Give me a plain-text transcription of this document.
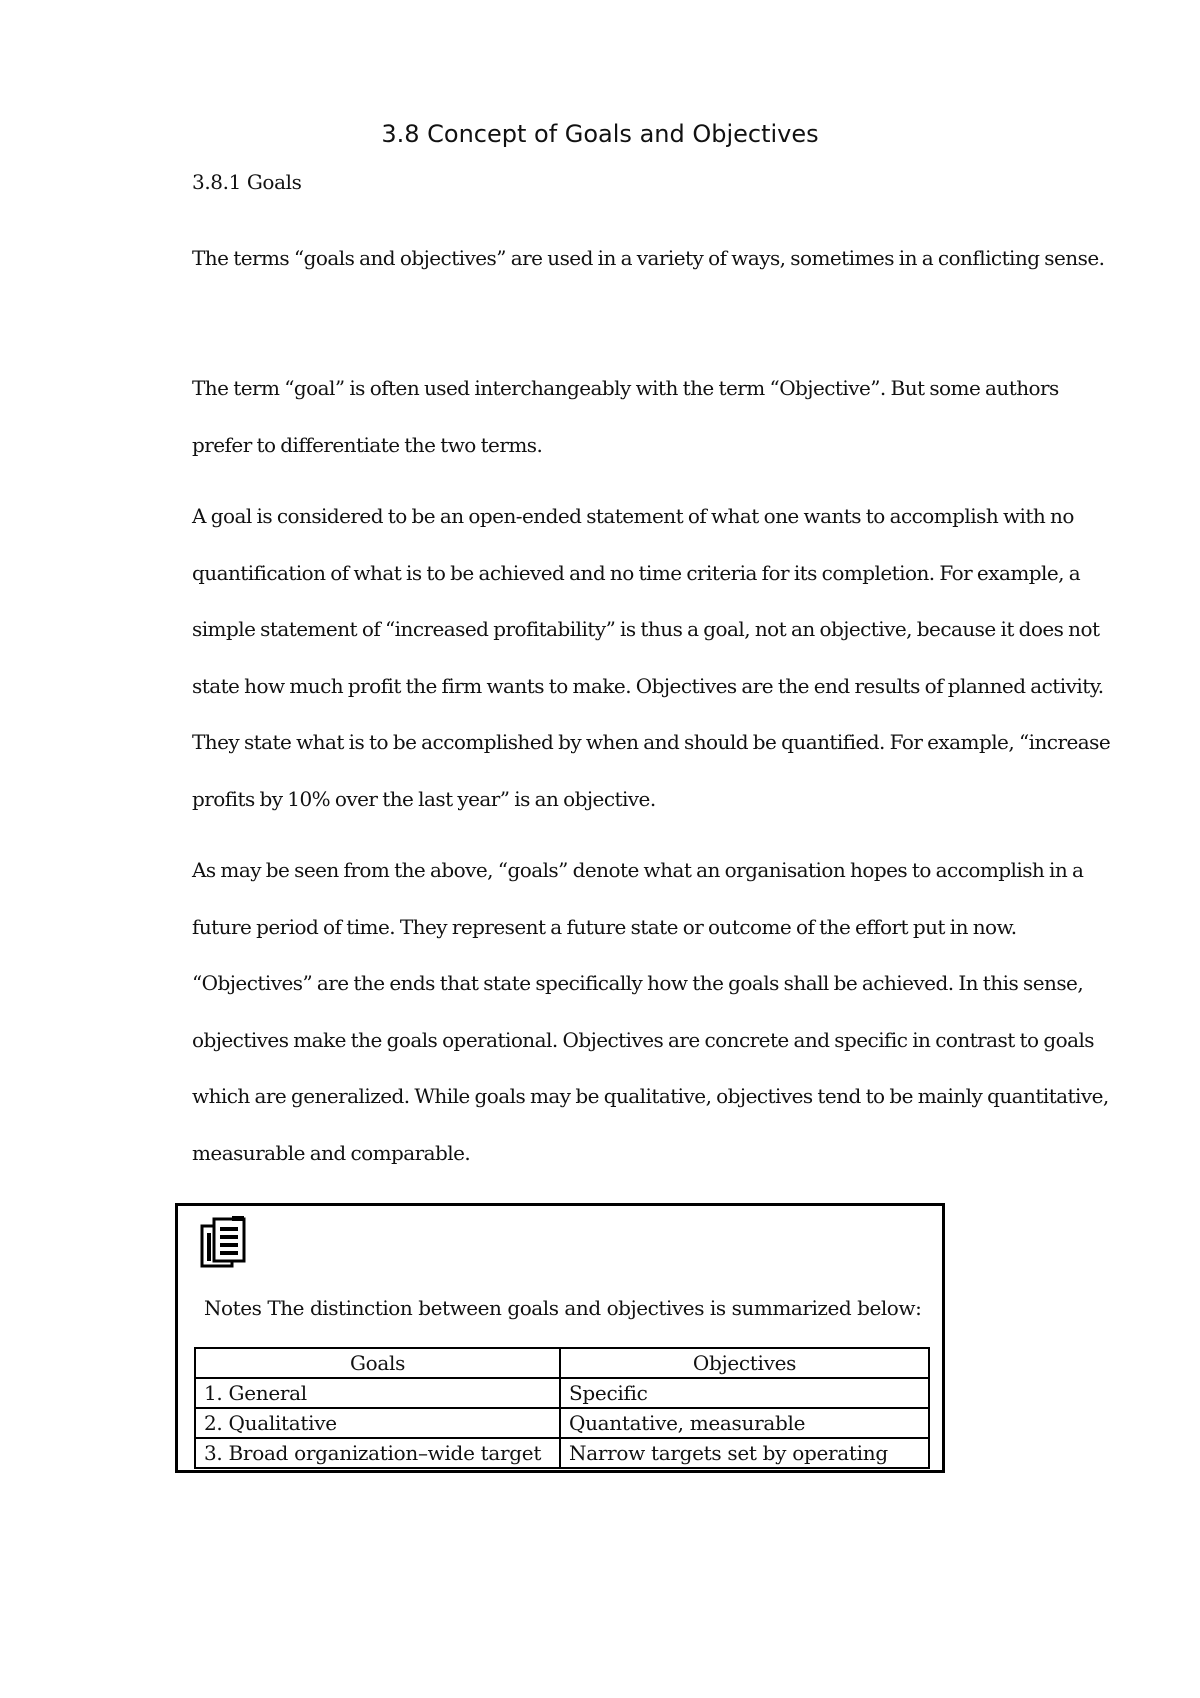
3.8 Concept of Goals and Objectives
3.8.1 Goals

The terms “goals and objectives” are used in a variety of ways, sometimes in a conflicting sense.

The term “goal” is often used interchangeably with the term “Objective”. But some authors prefer to differentiate the two terms.

A goal is considered to be an open-ended statement of what one wants to accomplish with no quantification of what is to be achieved and no time criteria for its completion. For example, a simple statement of “increased profitability” is thus a goal, not an objective, because it does not state how much profit the firm wants to make. Objectives are the end results of planned activity. They state what is to be accomplished by when and should be quantified. For example, “increase profits by 10% over the last year” is an objective.

As may be seen from the above, “goals” denote what an organisation hopes to accomplish in a future period of time. They represent a future state or outcome of the effort put in now. “Objectives” are the ends that state specifically how the goals shall be achieved. In this sense, objectives make the goals operational. Objectives are concrete and specific in contrast to goals which are generalized. While goals may be qualitative, objectives tend to be mainly quantitative, measurable and comparable.

Notes The distinction between goals and objectives is summarized below:
Goals	Objectives
1. General	Specific
2. Qualitative	Quantative, measurable
3. Broad organization–wide target	Narrow targets set by operating
